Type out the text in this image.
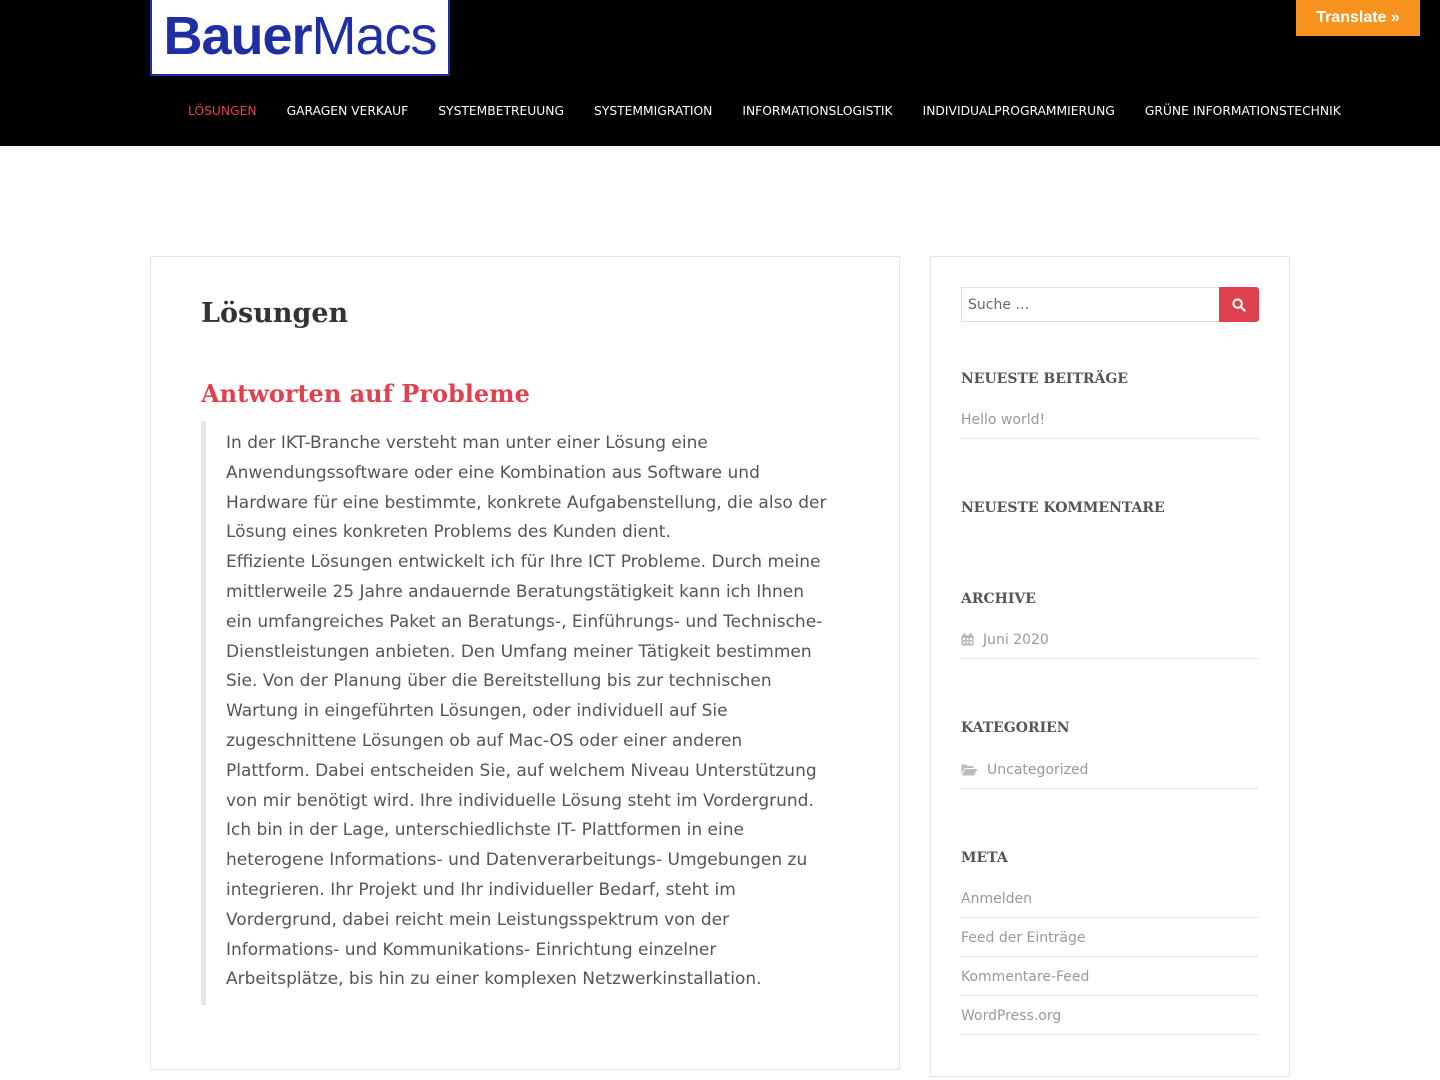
Bauer Macs
LÖSUNGEN GARAGEN VERKAUF SYSTEMBETREUUNG SYSTEMMIGRATION INFORMATIONSLOGISTIK INDIVIDUALPROGRAMMIERUNG GRÜNE INFORMATIONSTECHNIK
Translate »
Lösungen
Antworten auf Probleme

In der IKT-Branche versteht man unter einer Lösung eine Anwendungssoftware oder eine Kombination aus Software und Hardware für eine bestimmte, konkrete Aufgabenstellung, die also der Lösung eines konkreten Problems des Kunden dient.

Effiziente Lösungen entwickelt ich für Ihre ICT Probleme. Durch meine mittlerweile 25 Jahre andauernde Beratungstätigkeit kann ich Ihnen ein umfangreiches Paket an Beratungs-, Einführungs- und Technische-Dienstleistungen anbieten. Den Umfang meiner Tätigkeit bestimmen Sie. Von der Planung über die Bereitstellung bis zur technischen Wartung in eingeführten Lösungen, oder individuell auf Sie zugeschnittene Lösungen ob auf Mac-OS oder einer anderen Plattform. Dabei entscheiden Sie, auf welchem Niveau Unterstützung von mir benötigt wird. Ihre individuelle Lösung steht im Vordergrund. Ich bin in der Lage, unterschiedlichste IT- Plattformen in eine heterogene Informations- und Datenverarbeitungs- Umgebungen zu integrieren. Ihr Projekt und Ihr individueller Bedarf, steht im Vordergrund, dabei reicht mein Leistungsspektrum von der Informations- und Kommunikations- Einrichtung einzelner Arbeitsplätze, bis hin zu einer komplexen Netzwerkinstallation.

Suche …
NEUESTE BEITRÄGE
Hello world!
NEUESTE KOMMENTARE
ARCHIVE
Juni 2020
KATEGORIEN
Uncategorized
META
Anmelden
Feed der Einträge
Kommentare-Feed
WordPress.org
